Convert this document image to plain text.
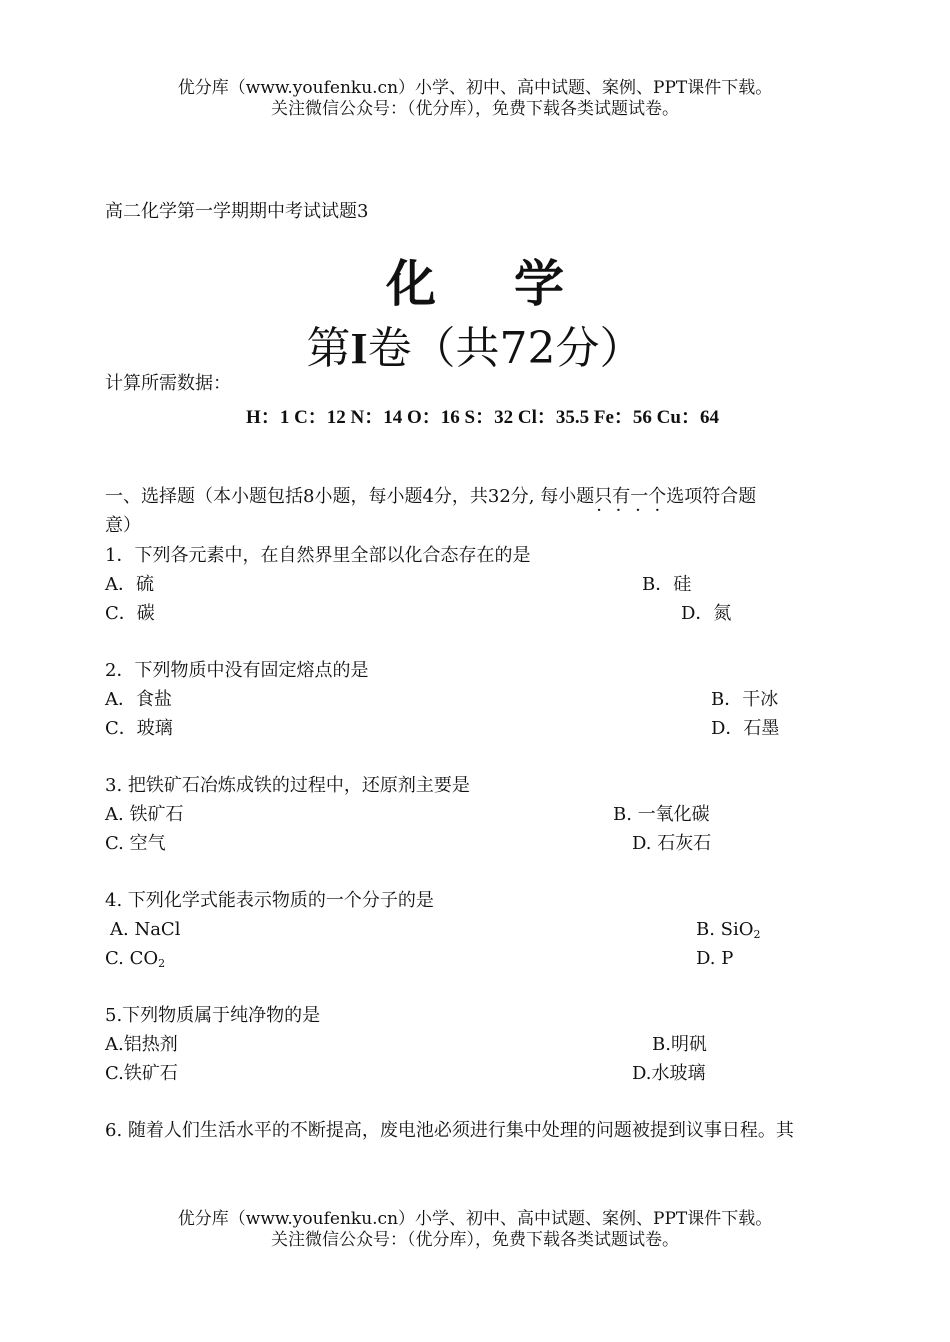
优分库（www.youfenku.cn）小学、初中、高中试题、案例、PPT课件下载。
关注微信公众号：（优分库），免费下载各类试题试卷。
高二化学第一学期期中考试试题3
化学
第I卷（共72分）
计算所需数据：
H：1 C：12 N：14 O：16 S：32 Cl：35.5 Fe：56 Cu：64
一、选择题（本小题包括8小题，每小题4分，共32分, 每小题只有一个 · · · ·选项符合题
意）
1．下列各元素中，在自然界里全部以化合态存在的是
A．硫	B．硅
C．碳	D．氮
2．下列物质中没有固定熔点的是
A．食盐	B．干冰
C．玻璃	D．石墨
3. 把铁矿石冶炼成铁的过程中，还原剂主要是
A. 铁矿石	B. 一氧化碳
C. 空气	D. 石灰石
4. 下列化学式能表示物质的一个分子的是
A. NaCl	B. SiO$_2$
C. $CO_2$	D. P
5.下列物质属于纯净物的是
A.铝热剂	B.明矾
C.铁矿石	D.水玻璃
6. 随着人们生活水平的不断提高，废电池必须进行集中处理的问题被提到议事日程。其
优分库（www.youfenku.cn）小学、初中、高中试题、案例、PPT课件下载。
关注微信公众号：（优分库），免费下载各类试题试卷。
